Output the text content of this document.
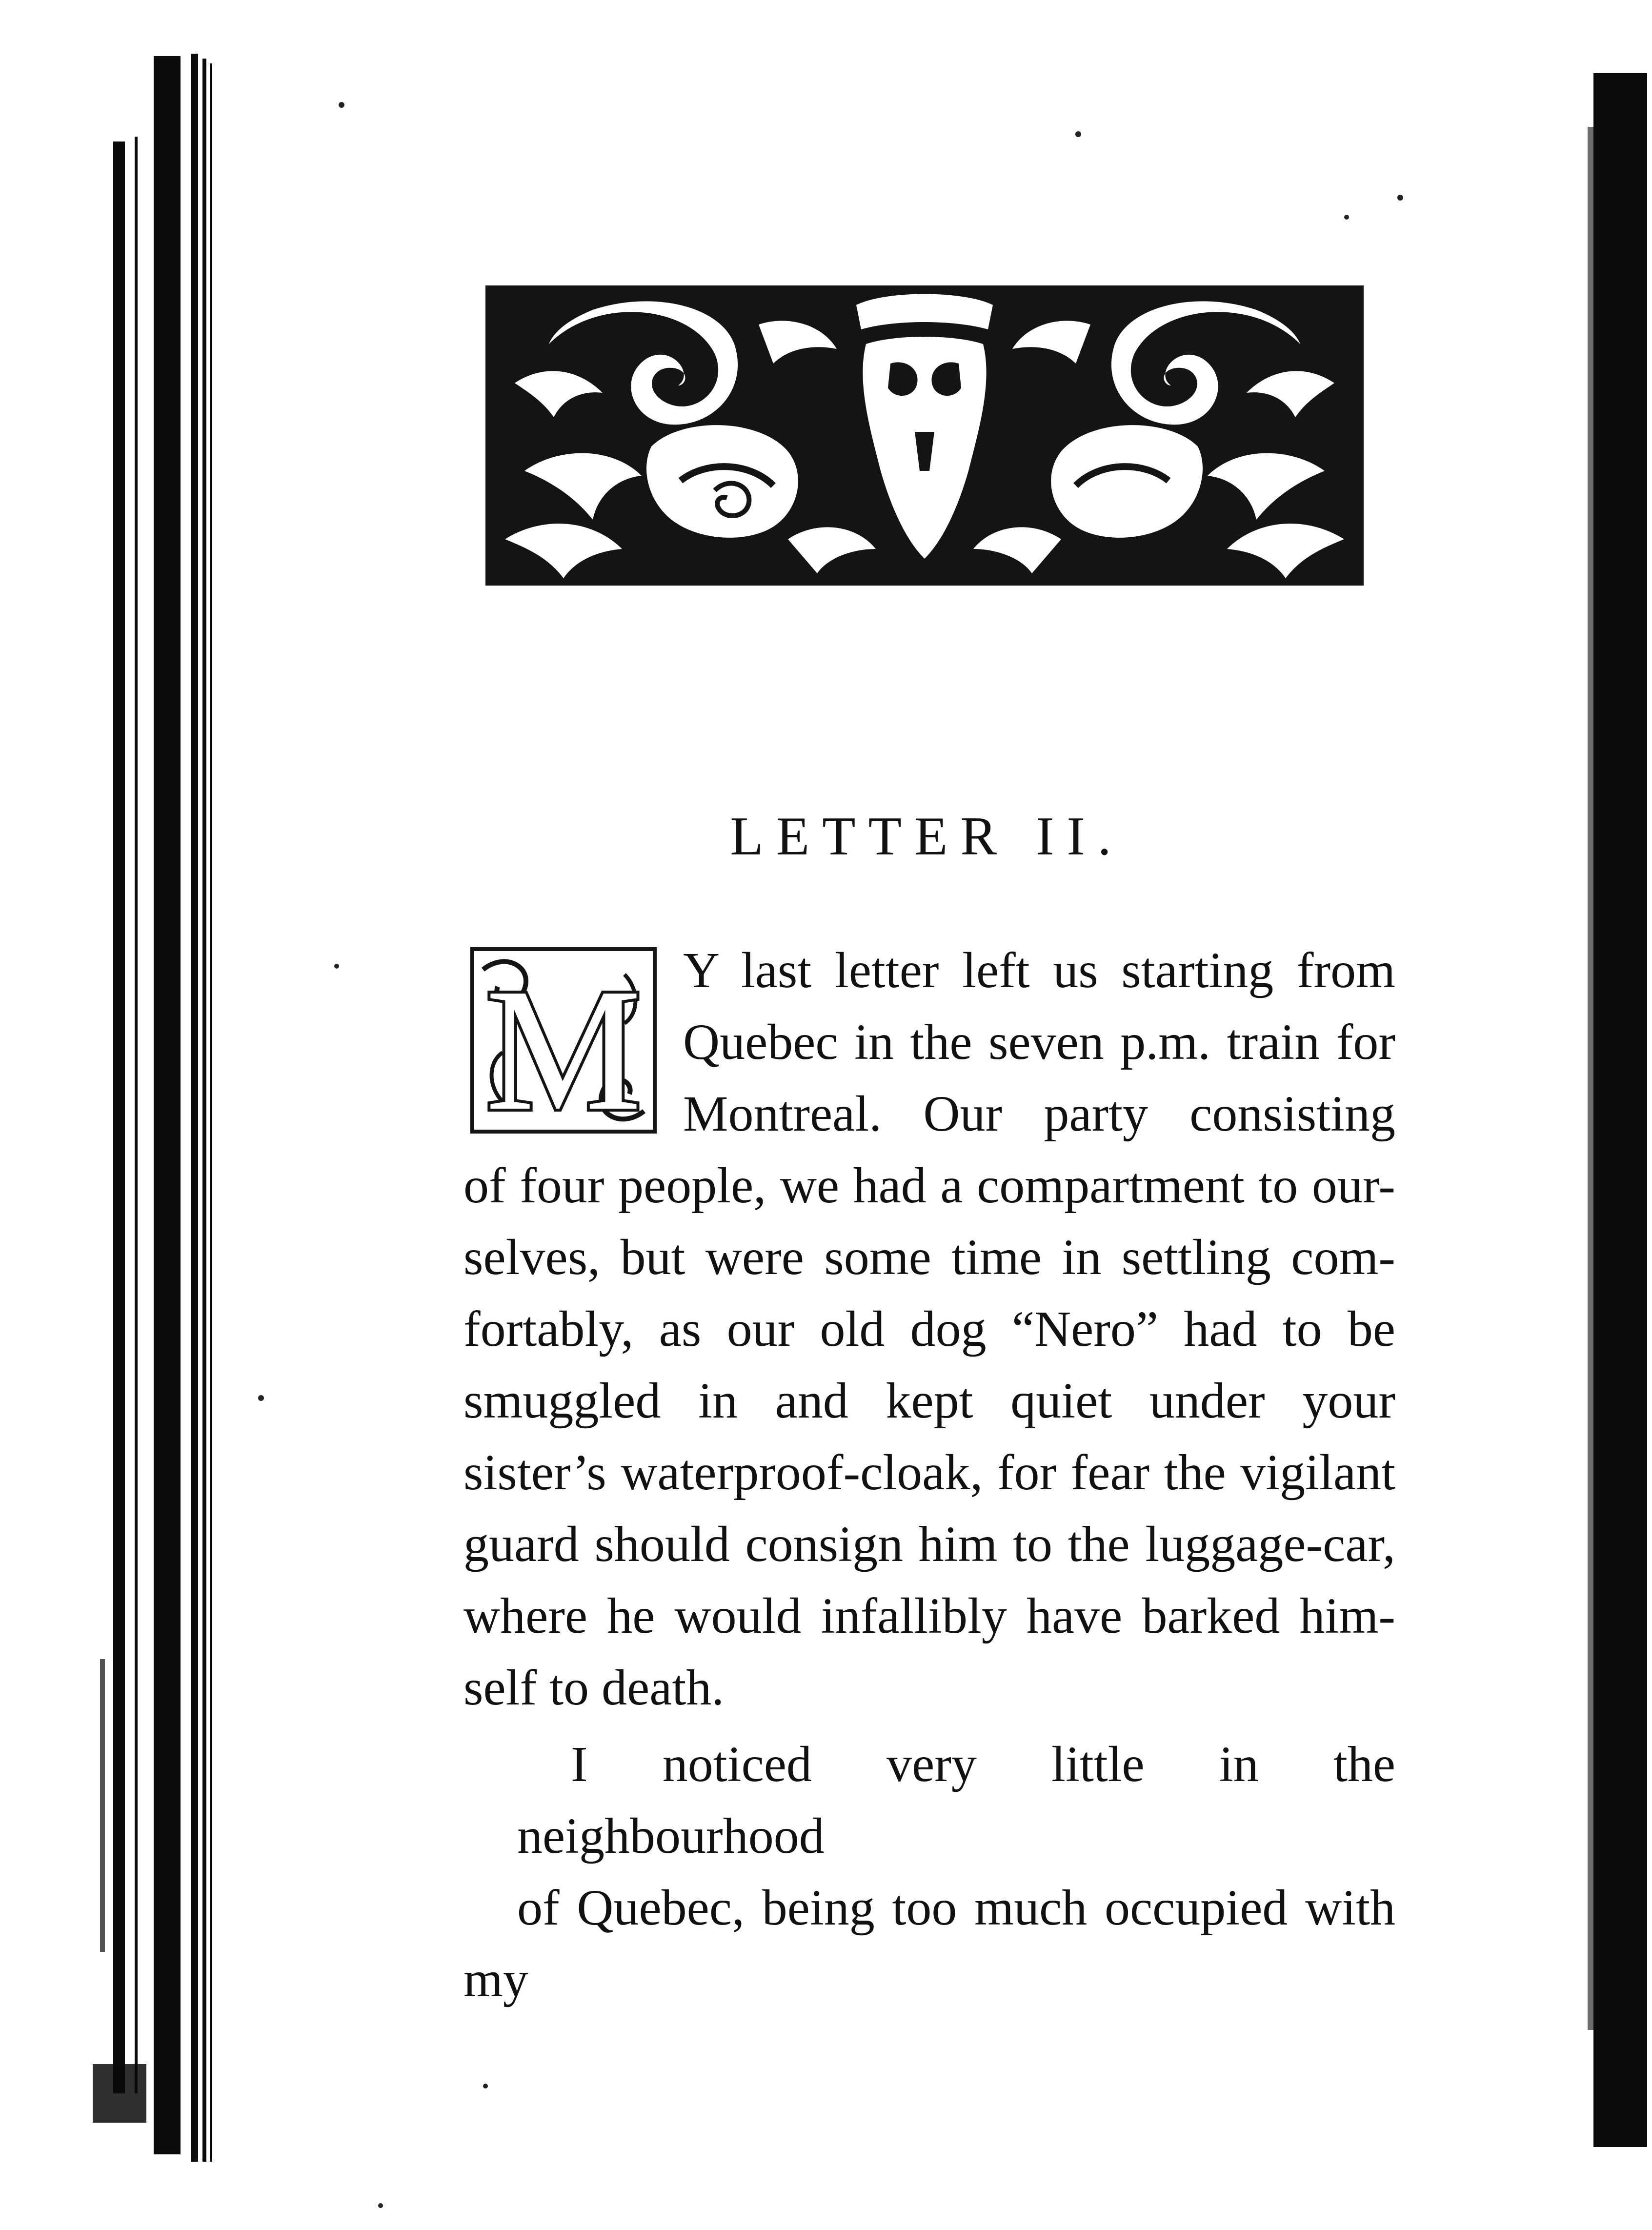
LETTER II.
M Y last letter left us starting from
Quebec in the seven p.m. train for
Montreal. Our party consisting
of four people, we had a compartment to our-
selves, but were some time in settling com-
fortably, as our old dog “Nero” had to be
smuggled in and kept quiet under your
sister’s waterproof-cloak, for fear the vigilant
guard should consign him to the luggage-car,
where he would infallibly have barked him-
self to death.
I noticed very little in the neighbourhood
of Quebec, being too much occupied with my
